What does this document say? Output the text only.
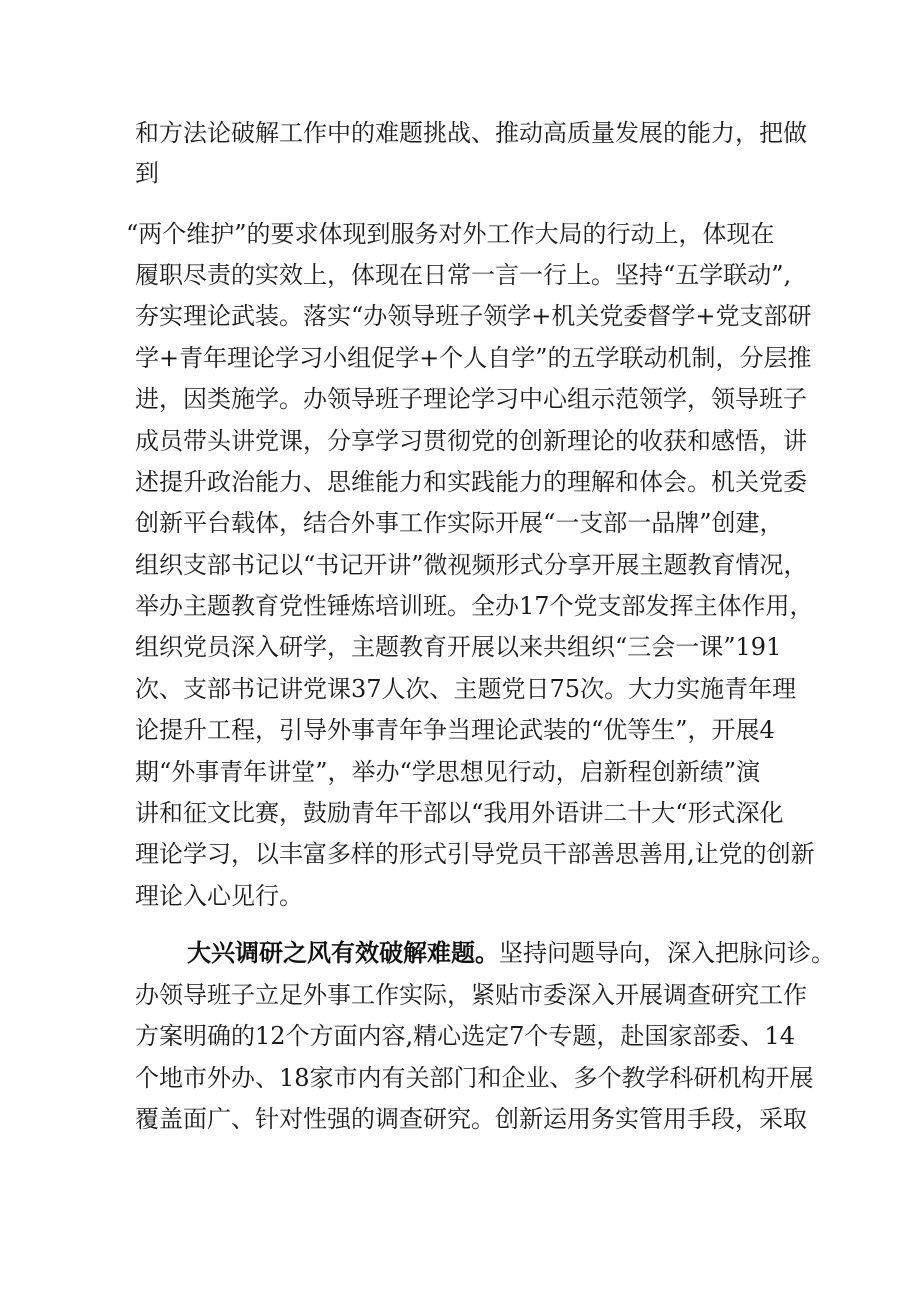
和方法论破解工作中的难题挑战、推动高质量发展的能力，把做

到

“两个维护”的要求体现到服务对外工作大局的行动上，体现在

履职尽责的实效上，体现在日常一言一行上。坚持“五学联动”,

夯实理论武装。落实“办领导班子领学+机关党委督学+党支部研

学+青年理论学习小组促学+个人自学”的五学联动机制，分层推

进，因类施学。办领导班子理论学习中心组示范领学，领导班子

成员带头讲党课，分享学习贯彻党的创新理论的收获和感悟，讲

述提升政治能力、思维能力和实践能力的理解和体会。机关党委

创新平台载体，结合外事工作实际开展“一支部一品牌”创建，

组织支部书记以“书记开讲”微视频形式分享开展主题教育情况，

举办主题教育党性锤炼培训班。全办17个党支部发挥主体作用，

组织党员深入研学，主题教育开展以来共组织“三会一课”191

次、支部书记讲党课37人次、主题党日75次。大力实施青年理

论提升工程，引导外事青年争当理论武装的“优等生”，开展4

期“外事青年讲堂”，举办“学思想见行动，启新程创新绩”演

讲和征文比赛，鼓励青年干部以“我用外语讲二十大“形式深化

理论学习，以丰富多样的形式引导党员干部善思善用,让党的创新

理论入心见行。

大兴调研之风有效破解难题。坚持问题导向，深入把脉问诊。

办领导班子立足外事工作实际，紧贴市委深入开展调查研究工作

方案明确的12个方面内容,精心选定7个专题，赴国家部委、14

个地市外办、18家市内有关部门和企业、多个教学科研机构开展

覆盖面广、针对性强的调查研究。创新运用务实管用手段，采取
